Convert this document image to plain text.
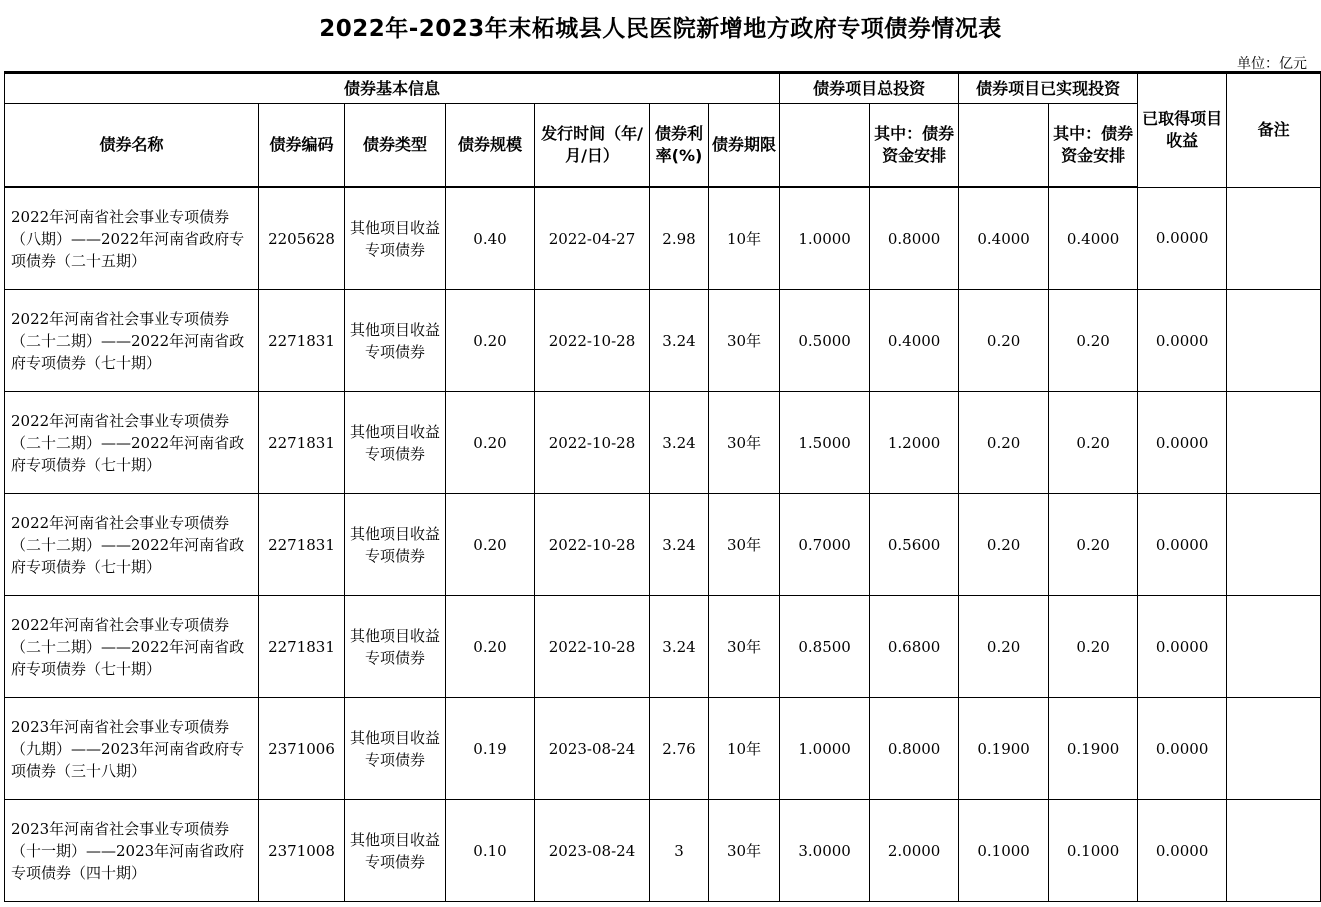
2022年-2023年末柘城县人民医院新增地方政府专项债券情况表
单位：亿元
债券基本信息							债券项目总投资		债券项目已实现投资		已取得项目收益	备注
债券名称	债券编码	债券类型	债券规模	发行时间（年/月/日）	债券利率(%)	债券期限		其中：债券资金安排		其中：债券资金安排		
2022年河南省社会事业专项债券（八期）——2022年河南省政府专项债券（二十五期）	2205628	其他项目收益专项债券	0.40	2022-04-27	2.98	10年	1.0000	0.8000	0.4000	0.4000	0.0000	
2022年河南省社会事业专项债券（二十二期）——2022年河南省政府专项债券（七十期）	2271831	其他项目收益专项债券	0.20	2022-10-28	3.24	30年	0.5000	0.4000	0.20	0.20	0.0000	
2022年河南省社会事业专项债券（二十二期）——2022年河南省政府专项债券（七十期）	2271831	其他项目收益专项债券	0.20	2022-10-28	3.24	30年	1.5000	1.2000	0.20	0.20	0.0000	
2022年河南省社会事业专项债券（二十二期）——2022年河南省政府专项债券（七十期）	2271831	其他项目收益专项债券	0.20	2022-10-28	3.24	30年	0.7000	0.5600	0.20	0.20	0.0000	
2022年河南省社会事业专项债券（二十二期）——2022年河南省政府专项债券（七十期）	2271831	其他项目收益专项债券	0.20	2022-10-28	3.24	30年	0.8500	0.6800	0.20	0.20	0.0000	
2023年河南省社会事业专项债券（九期）——2023年河南省政府专项债券（三十八期）	2371006	其他项目收益专项债券	0.19	2023-08-24	2.76	10年	1.0000	0.8000	0.1900	0.1900	0.0000	
2023年河南省社会事业专项债券（十一期）——2023年河南省政府专项债券（四十期）	2371008	其他项目收益专项债券	0.10	2023-08-24	3	30年	3.0000	2.0000	0.1000	0.1000	0.0000	
